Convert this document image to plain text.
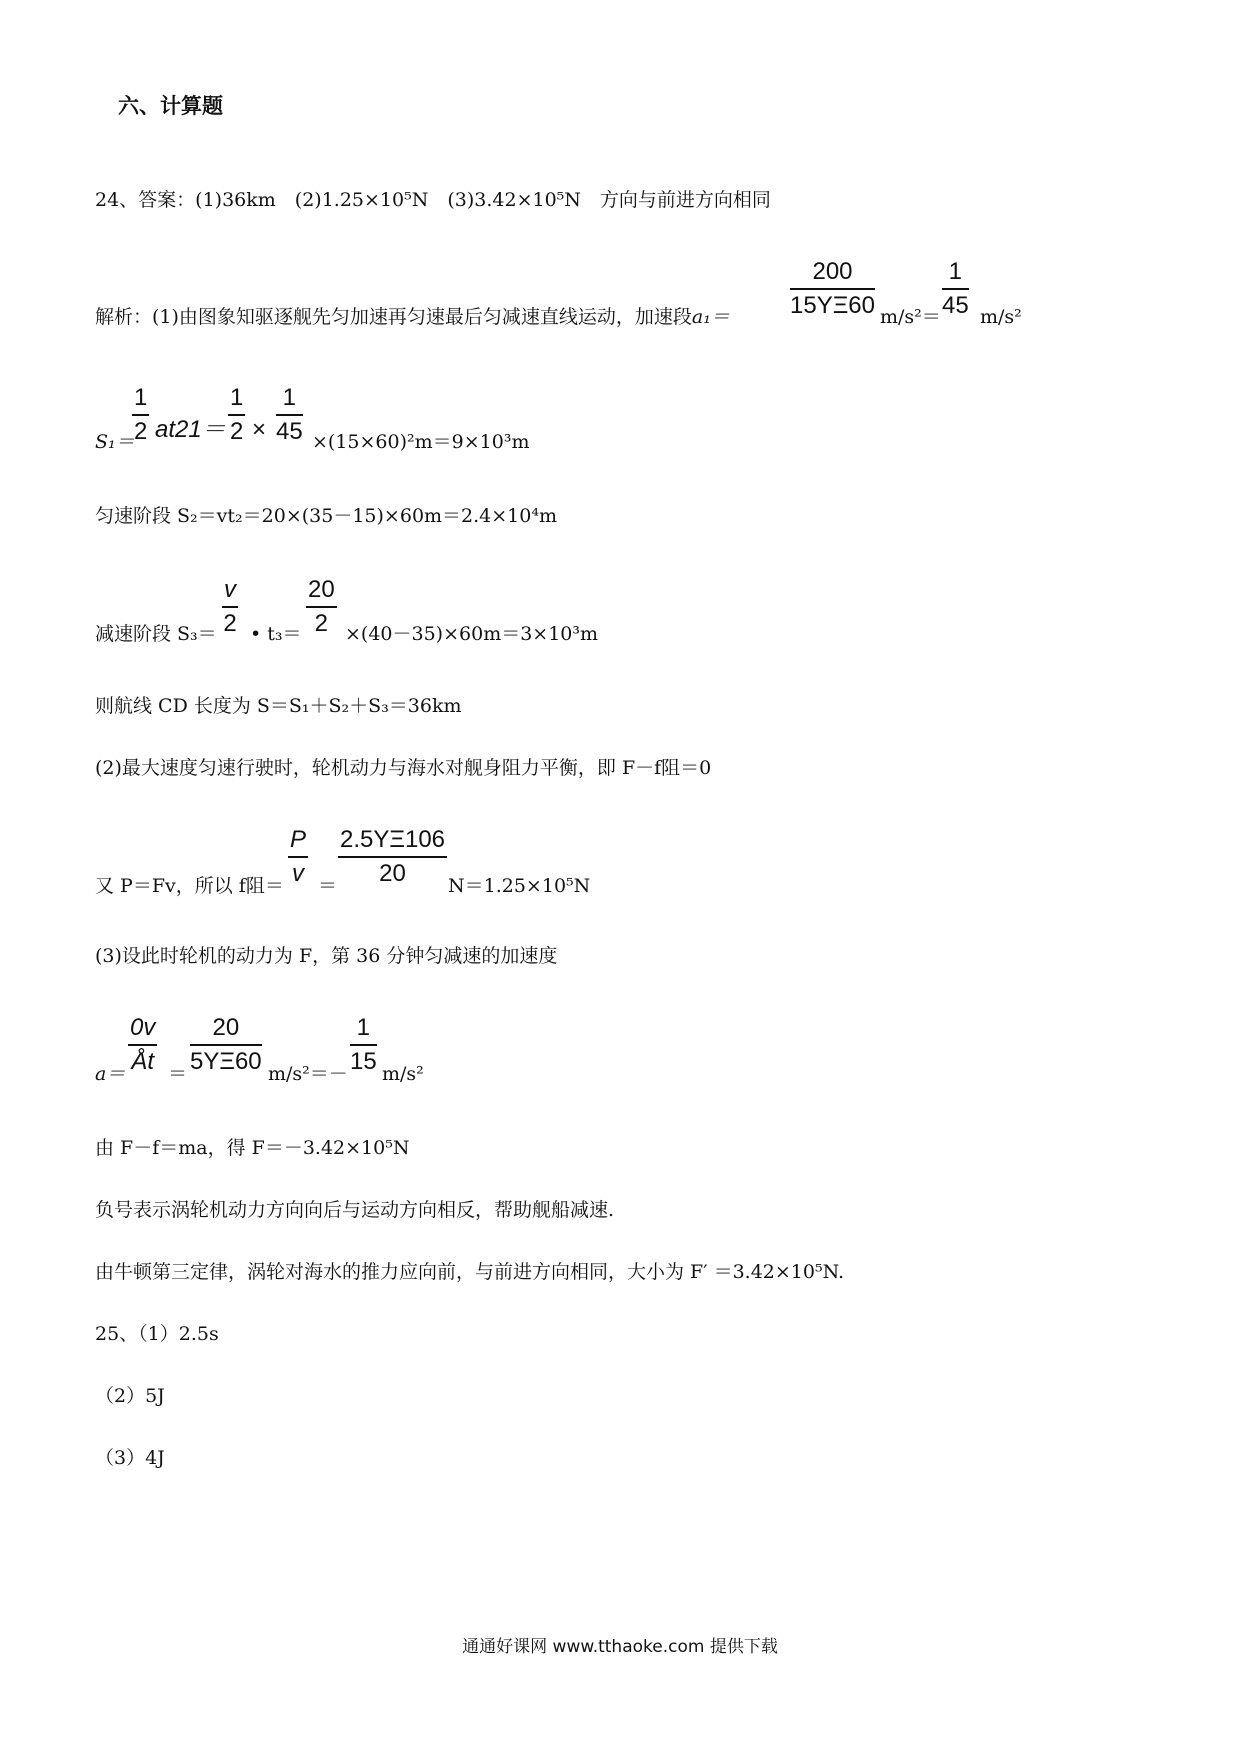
六、计算题
24、答案：(1)36km　(2)1.25×10⁵N　(3)3.42×10⁵N　方向与前进方向相同
解析：(1)由图象知驱逐舰先匀加速再匀速最后匀减速直线运动，加速段a₁＝	$\frac{200}{15\Upsilon\Xi 60} m/s^2= \frac{1}{45} m/s^2$
S₁＝
$\frac{1}{2} at21= \frac{1}{2} \times \frac{1}{45} \times(15\times 60)^2m=9\times 10^3m$
匀速阶段 S₂＝vt₂＝20×(35－15)×60m＝2.4×10⁴m
减速阶段 $S_3= \frac{v}{2}$ • $t_3= \frac{20}{2} \times(40-35)\times 60m=3\times 10^3m$
则航线 CD 长度为 S＝S₁＋S₂＋S₃＝36km
(2)最大速度匀速行驶时，轮机动力与海水对舰身阻力平衡，即 F－f阻＝0
又 P＝Fv，所以 f阻＝ $\frac{P}{v} = \frac{2.5\Upsilon\Xi 106}{20} N=1.25\times 10^5N$
(3)设此时轮机的动力为 F，第 36 分钟匀减速的加速度
$a= \frac{0v}{Åt} = \frac{20}{5\Upsilon\Xi 60} m/s^2=- \frac{1}{15} m/s^2$
由 F－f＝ma，得 F＝－3.42×10⁵N
负号表示涡轮机动力方向向后与运动方向相反，帮助舰船减速.
由牛顿第三定律，涡轮对海水的推力应向前，与前进方向相同，大小为 F′ ＝3.42×10⁵N.
25、（1）2.5s
（2）5J
（3）4J
通通好课网 www.tthaoke.com 提供下载
